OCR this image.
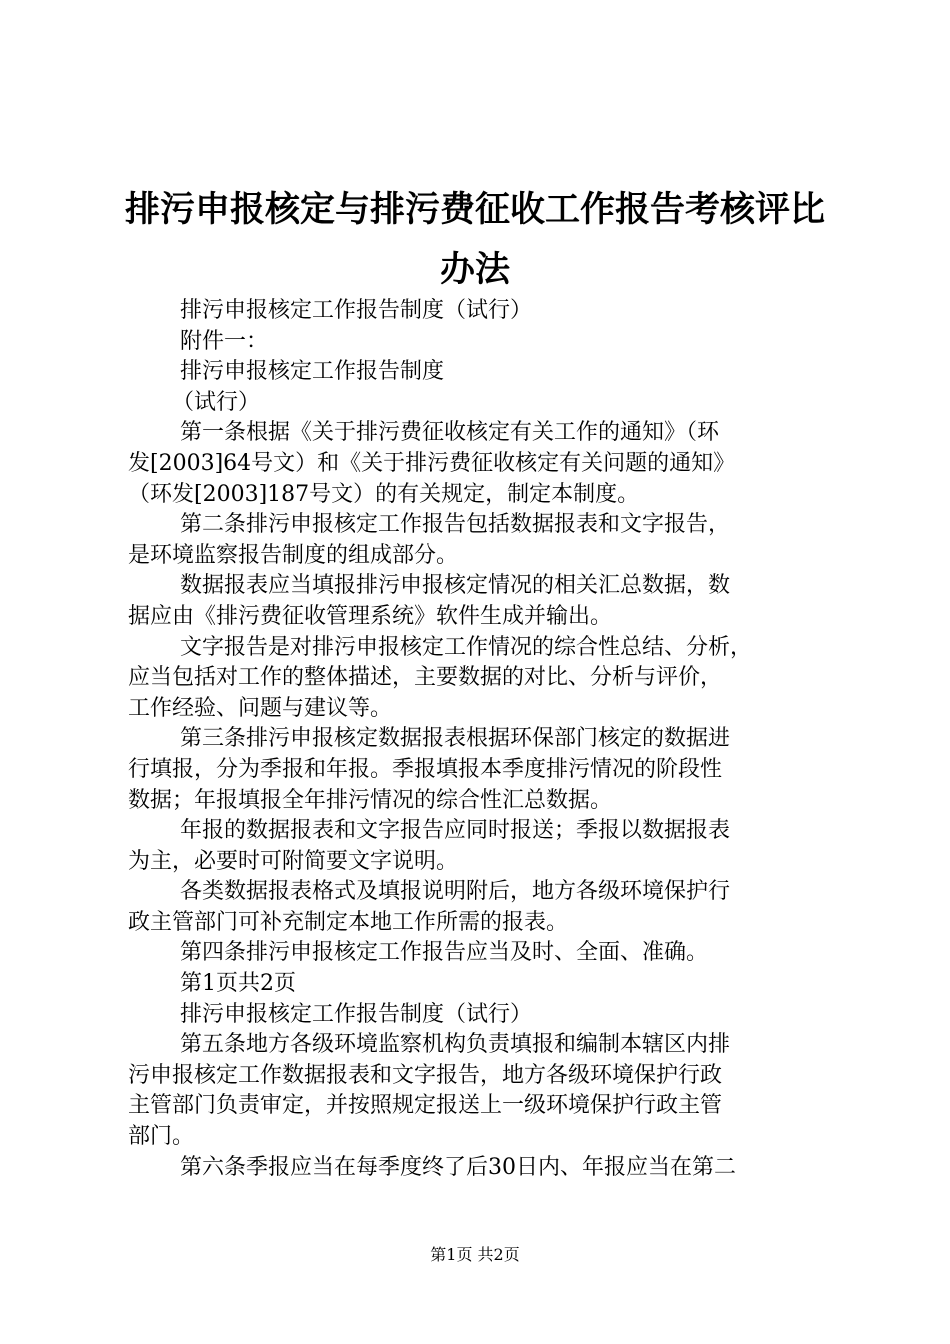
排污申报核定与排污费征收工作报告考核评比
办法

排污申报核定工作报告制度（试行）

附件一：

排污申报核定工作报告制度

（试行）

第一条根据《关于排污费征收核定有关工作的通知》（环

发[2003]64号文）和《关于排污费征收核定有关问题的通知》

（环发[2003]187号文）的有关规定，制定本制度。

第二条排污申报核定工作报告包括数据报表和文字报告，

是环境监察报告制度的组成部分。

数据报表应当填报排污申报核定情况的相关汇总数据，数

据应由《排污费征收管理系统》软件生成并输出。

文字报告是对排污申报核定工作情况的综合性总结、分析，

应当包括对工作的整体描述，主要数据的对比、分析与评价，

工作经验、问题与建议等。

第三条排污申报核定数据报表根据环保部门核定的数据进

行填报，分为季报和年报。季报填报本季度排污情况的阶段性

数据；年报填报全年排污情况的综合性汇总数据。

年报的数据报表和文字报告应同时报送；季报以数据报表

为主，必要时可附简要文字说明。

各类数据报表格式及填报说明附后，地方各级环境保护行

政主管部门可补充制定本地工作所需的报表。

第四条排污申报核定工作报告应当及时、全面、准确。

第1页共2页

排污申报核定工作报告制度（试行）

第五条地方各级环境监察机构负责填报和编制本辖区内排

污申报核定工作数据报表和文字报告，地方各级环境保护行政

主管部门负责审定，并按照规定报送上一级环境保护行政主管

部门。

第六条季报应当在每季度终了后30日内、年报应当在第二

第1页 共2页
